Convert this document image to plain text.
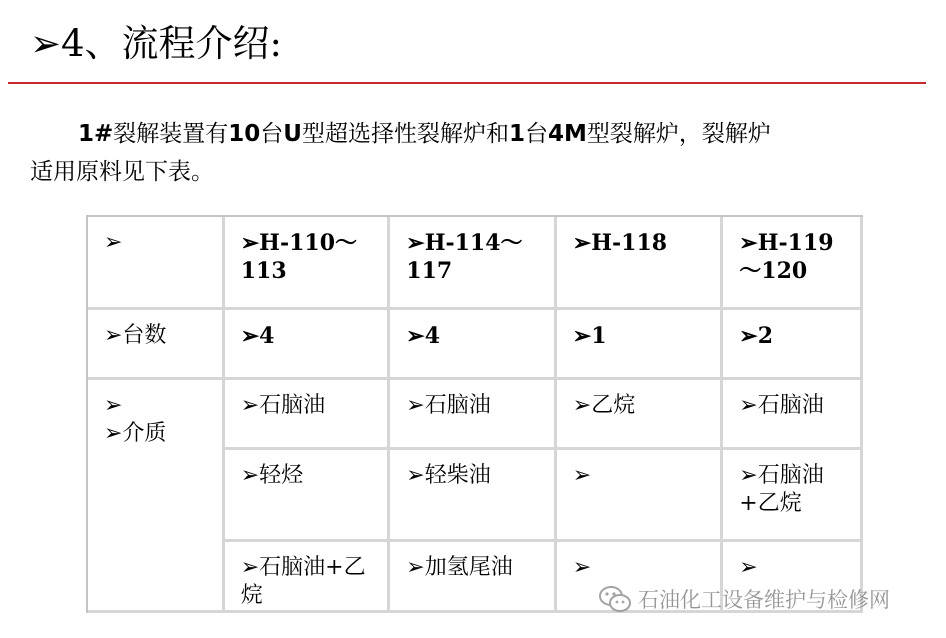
➢4、流程介绍:
1#裂解装置有10台U型超选择性裂解炉和1台4M型裂解炉，裂解炉
适用原料见下表。
➢	➢H-110～113	➢H-114～117	➢H-118	➢H-119～120
➢台数	➢4	➢4	➢1	➢2

➢
➢介质	➢石脑油	➢石脑油	➢乙烷	➢石脑油
	➢轻烃	➢轻柴油	➢	➢石脑油+乙烷
	➢石脑油+乙烷	➢加氢尾油	➢	➢
石油化工设备维护与检修网
